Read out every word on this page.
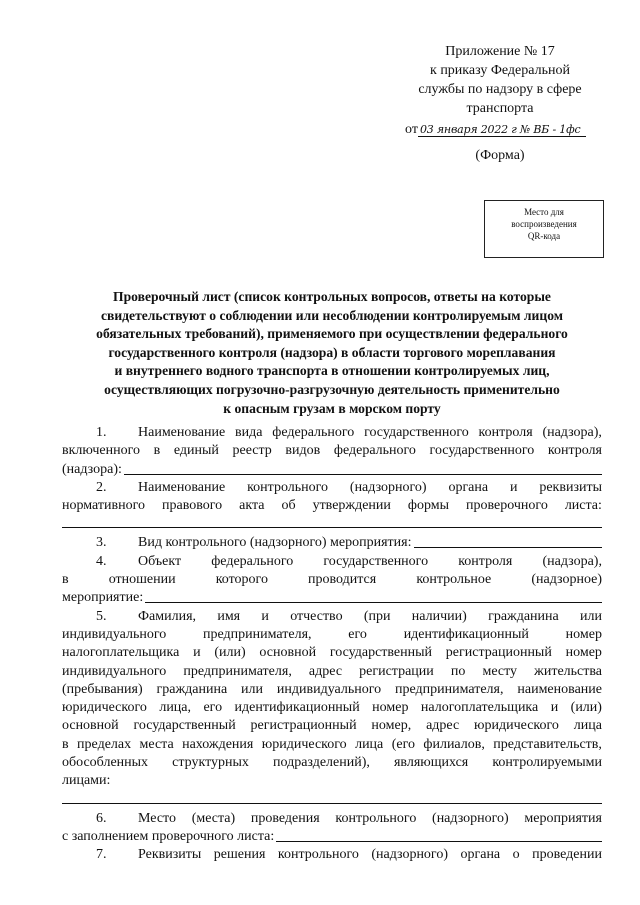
Приложение № 17
к приказу Федеральной
службы по надзору в сфере
транспорта
от 03 января 2022 г № ВБ - 1фс
(Форма)
Место для
воспроизведения
QR-кода
Проверочный лист (список контрольных вопросов, ответы на которые
свидетельствуют о соблюдении или несоблюдении контролируемым лицом
обязательных требований), применяемого при осуществлении федерального
государственного контроля (надзора) в области торгового мореплавания
и внутреннего водного транспорта в отношении контролируемых лиц,
осуществляющих погрузочно-разгрузочную деятельность применительно
к опасным грузам в морском порту
1.	Наименование вида федерального государственного контроля (надзора),
включенного в единый реестр видов федерального государственного контроля
(надзора):
2.	Наименование контрольного (надзорного) органа и реквизиты
нормативного правового акта об утверждении формы проверочного листа:
3.	Вид контрольного (надзорного) мероприятия:
4.	Объект федерального государственного контроля (надзора),
в	отношении	которого	проводится	контрольное	(надзорное)
мероприятие:
5.	Фамилия, имя и отчество (при наличии) гражданина или
индивидуального	предпринимателя,	его	идентификационный	номер
налогоплательщика и (или) основной государственный регистрационный номер
индивидуального предпринимателя, адрес регистрации по месту жительства
(пребывания) гражданина или индивидуального предпринимателя, наименование
юридического лица, его идентификационный номер налогоплательщика и (или)
основной государственный регистрационный номер, адрес юридического лица
в пределах места нахождения юридического лица (его филиалов, представительств,
обособленных структурных подразделений), являющихся контролируемыми
лицами:
6.	Место (места) проведения контрольного (надзорного) мероприятия
с заполнением проверочного листа:
7.	Реквизиты решения контрольного (надзорного) органа о проведении
